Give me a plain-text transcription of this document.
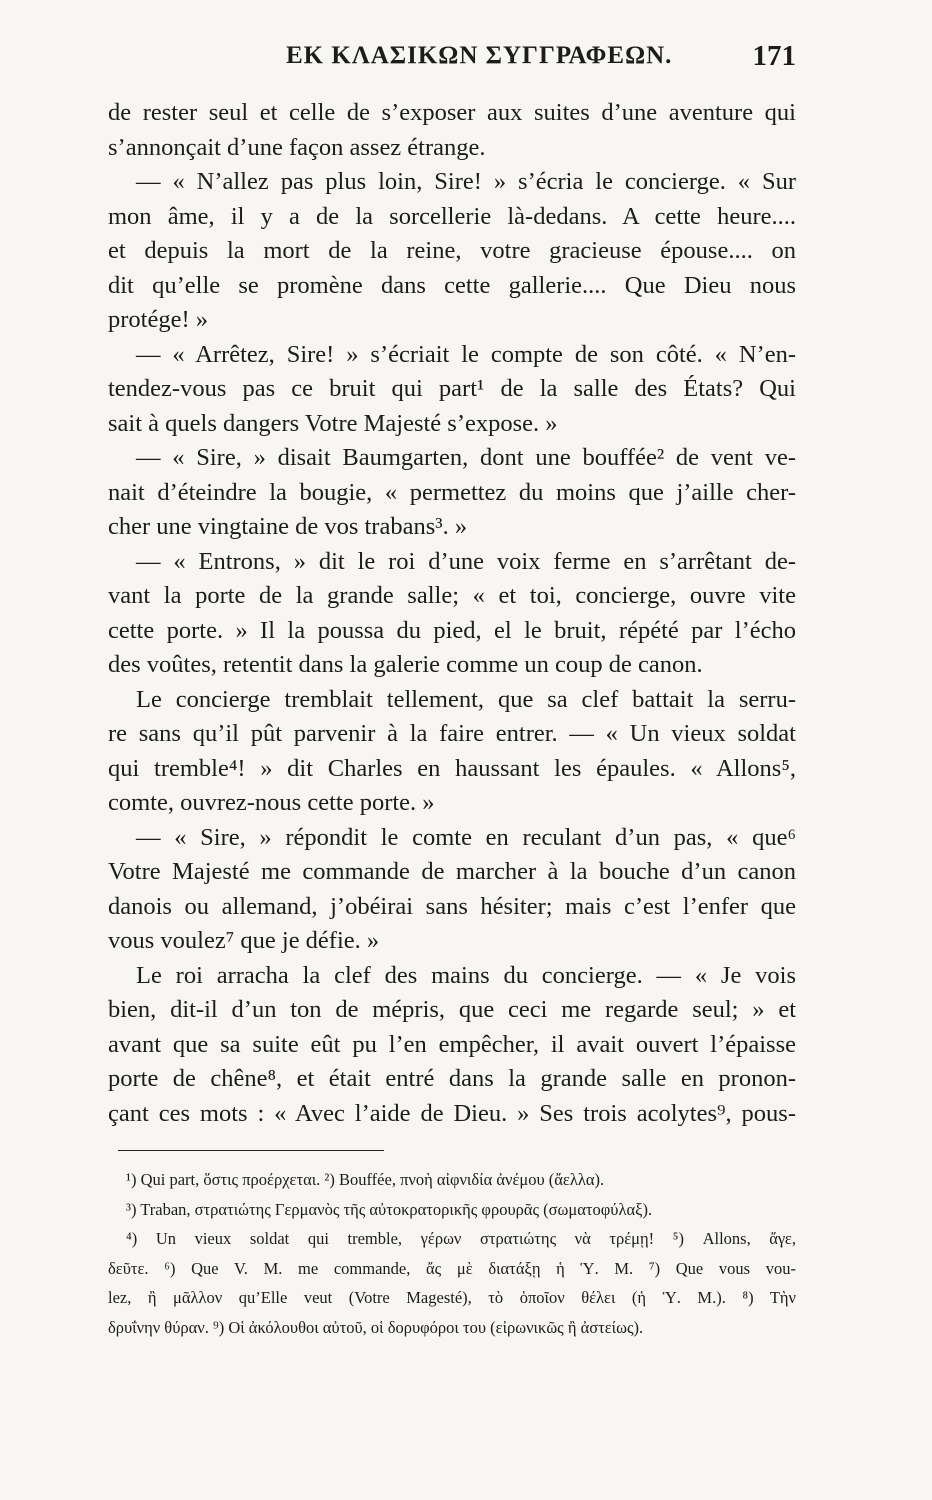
ΕΚ ΚΛΑΣΙΚΩΝ ΣΥΓΓΡΑΦΕΩΝ.	171
de rester seul et celle de s’exposer aux suites d’une aventure qui
s’annonçait d’une façon assez étrange.
— « N’allez pas plus loin, Sire! » s’écria le concierge. « Sur
mon âme, il y a de la sorcellerie là-dedans. A cette heure....
et depuis la mort de la reine, votre gracieuse épouse.... on
dit qu’elle se promène dans cette gallerie.... Que Dieu nous
protége! »
— « Arrêtez, Sire! » s’écriait le compte de son côté. « N’en-
tendez-vous pas ce bruit qui part¹ de la salle des États? Qui
sait à quels dangers Votre Majesté s’expose. »
— « Sire, » disait Baumgarten, dont une bouffée² de vent ve-
nait d’éteindre la bougie, « permettez du moins que j’aille cher-
cher une vingtaine de vos trabans³. »
— « Entrons, » dit le roi d’une voix ferme en s’arrêtant de-
vant la porte de la grande salle; « et toi, concierge, ouvre vite
cette porte. » Il la poussa du pied, el le bruit, répété par l’écho
des voûtes, retentit dans la galerie comme un coup de canon.
Le concierge tremblait tellement, que sa clef battait la serru-
re sans qu’il pût parvenir à la faire entrer. — « Un vieux soldat
qui tremble⁴! » dit Charles en haussant les épaules. « Allons⁵,
comte, ouvrez-nous cette porte. »
— « Sire, » répondit le comte en reculant d’un pas, « que⁶
Votre Majesté me commande de marcher à la bouche d’un canon
danois ou allemand, j’obéirai sans hésiter; mais c’est l’enfer que
vous voulez⁷ que je défie. »
Le roi arracha la clef des mains du concierge. — « Je vois
bien, dit-il d’un ton de mépris, que ceci me regarde seul; » et
avant que sa suite eût pu l’en empêcher, il avait ouvert l’épaisse
porte de chêne⁸, et était entré dans la grande salle en pronon-
çant ces mots : « Avec l’aide de Dieu. » Ses trois acolytes⁹, pous-
¹) Qui part, ὅστις προέρχεται. ²) Bouffée, πνοὴ αἰφνιδία ἀνέμου (ἄελλα).
³) Traban, στρατιώτης Γερμανὸς τῆς αὐτοκρατορικῆς φρουρᾶς (σωματοφύλαξ).
⁴) Un vieux soldat qui tremble, γέρων στρατιώτης νὰ τρέμῃ! ⁵) Allons, ἄγε,
δεῦτε. ⁶) Que V. M. me commande, ἄς μὲ διατάξῃ ἡ Ὑ. Μ. ⁷) Que vous vou-
lez, ἢ μᾶλλον qu’Elle veut (Votre Magesté), τὸ ὁποῖον θέλει (ἡ Ὑ. Μ.). ⁸) Τὴν
δρυΐνην θύραν. ⁹) Οἱ ἀκόλουθοι αὐτοῦ, οἱ δορυφόροι του (εἰρωνικῶς ἢ ἀστείως).
